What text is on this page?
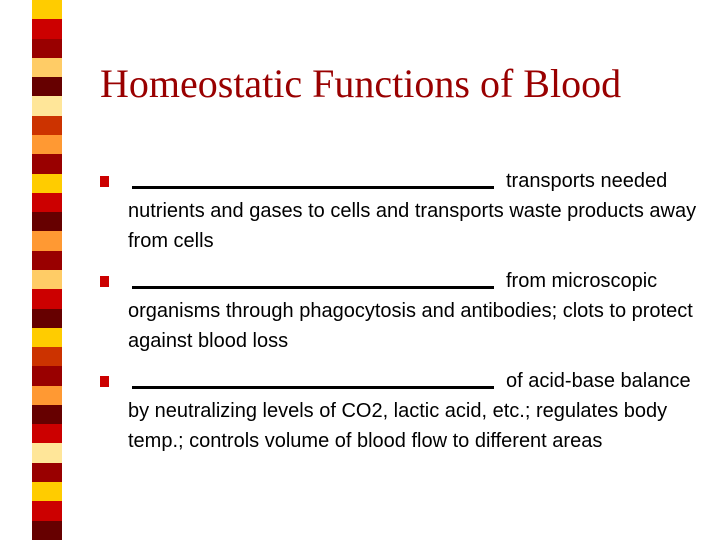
Homeostatic Functions of Blood
transports needed nutrients and gases to cells and transports waste products away from cells
from microscopic organisms through phagocytosis and antibodies; clots to protect against blood loss
of acid-base balance by neutralizing levels of CO2, lactic acid, etc.; regulates body temp.; controls volume of blood flow to different areas
